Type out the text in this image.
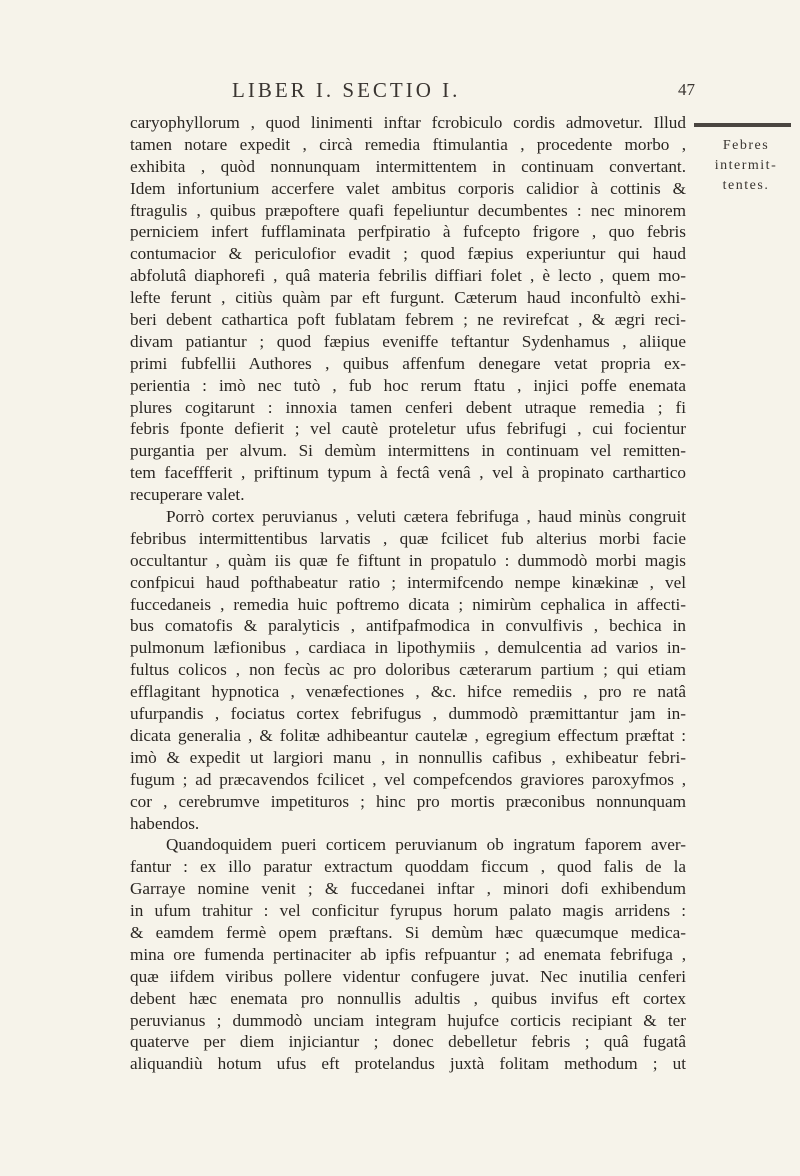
LIBER I. SECTIO I.	47
Febres
intermit-
tentes.
caryophyllorum , quod linimenti inftar fcrobiculo cordis admovetur. Illud
tamen notare expedit , circà remedia ftimulantia , procedente morbo ,
exhibita , quòd nonnunquam intermittentem in continuam convertant.
Idem infortunium accerfere valet ambitus corporis calidior à cottinis &
ftragulis , quibus præpoftere quafi fepeliuntur decumbentes : nec minorem
perniciem infert fufflaminata perfpiratio à fufcepto frigore , quo febris
contumacior & periculofior evadit ; quod fæpius experiuntur qui haud
abfolutâ diaphorefi , quâ materia febrilis diffiari folet , è lecto , quem mo-
lefte ferunt , citiùs quàm par eft furgunt. Cæterum haud inconfultò exhi-
beri debent cathartica poft fublatam febrem ; ne revirefcat , & ægri reci-
divam patiantur ; quod fæpius eveniffe teftantur Sydenhamus , aliique
primi fubfellii Authores , quibus affenfum denegare vetat propria ex-
perientia : imò nec tutò , fub hoc rerum ftatu , injici poffe enemata
plures cogitarunt : innoxia tamen cenferi debent utraque remedia ; fi
febris fponte defierit ; vel cautè proteletur ufus febrifugi , cui focientur
purgantia per alvum. Si demùm intermittens in continuam vel remitten-
tem faceffferit , priftinum typum à fectâ venâ , vel à propinato carthartico
recuperare valet.
Porrò cortex peruvianus , veluti cætera febrifuga , haud minùs congruit
febribus intermittentibus larvatis , quæ fcilicet fub alterius morbi facie
occultantur , quàm iis quæ fe fiftunt in propatulo : dummodò morbi magis
confpicui haud pofthabeatur ratio ; intermifcendo nempe kinækinæ , vel
fuccedaneis , remedia huic poftremo dicata ; nimirùm cephalica in affecti-
bus comatofis & paralyticis , antifpafmodica in convulfivis , bechica in
pulmonum læfionibus , cardiaca in lipothymiis , demulcentia ad varios in-
fultus colicos , non fecùs ac pro doloribus cæterarum partium ; qui etiam
efflagitant hypnotica , venæfectiones , &c. hifce remediis , pro re natâ
ufurpandis , fociatus cortex febrifugus , dummodò præmittantur jam in-
dicata generalia , & folitæ adhibeantur cautelæ , egregium effectum præftat :
imò & expedit ut largiori manu , in nonnullis cafibus , exhibeatur febri-
fugum ; ad præcavendos fcilicet , vel compefcendos graviores paroxyfmos ,
cor , cerebrumve impetituros ; hinc pro mortis præconibus nonnunquam
habendos.
Quandoquidem pueri corticem peruvianum ob ingratum faporem aver-
fantur : ex illo paratur extractum quoddam ficcum , quod falis de la
Garraye nomine venit ; & fuccedanei inftar , minori dofi exhibendum
in ufum trahitur : vel conficitur fyrupus horum palato magis arridens :
& eamdem fermè opem præftans. Si demùm hæc quæcumque medica-
mina ore fumenda pertinaciter ab ipfis refpuantur ; ad enemata febrifuga ,
quæ iifdem viribus pollere videntur confugere juvat. Nec inutilia cenferi
debent hæc enemata pro nonnullis adultis , quibus invifus eft cortex
peruvianus ; dummodò unciam integram hujufce corticis recipiant & ter
quaterve per diem injiciantur ; donec debelletur febris ; quâ fugatâ
aliquandiù hotum ufus eft protelandus juxtà folitam methodum ; ut
